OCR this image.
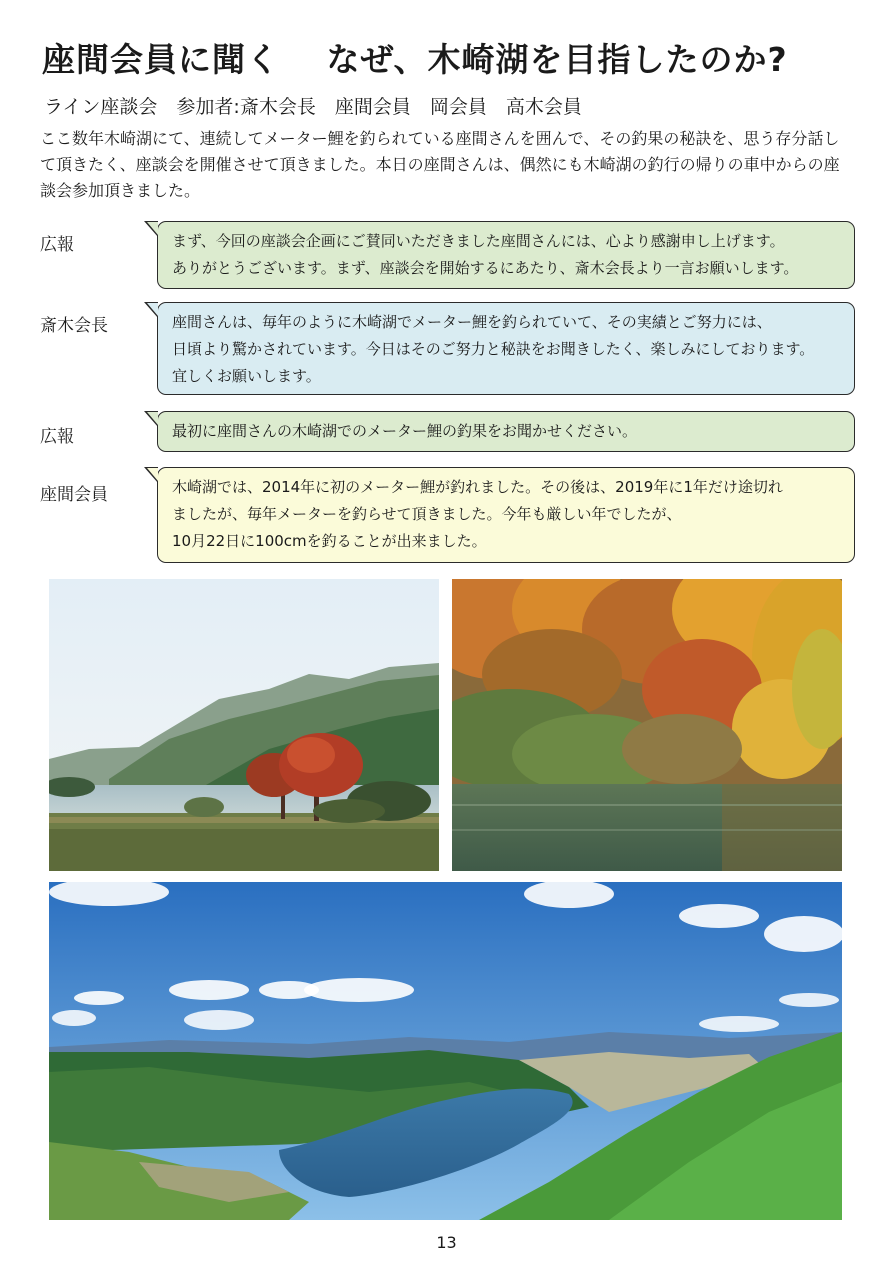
座間会員に聞く　 なぜ、木崎湖を目指したのか?
ライン座談会　参加者:斎木会長　座間会員　岡会員　高木会員
ここ数年木崎湖にて、連続してメーター鯉を釣られている座間さんを囲んで、その釣果の秘訣を、思う存分話して頂きたく、座談会を開催させて頂きました。本日の座間さんは、偶然にも木崎湖の釣行の帰りの車中からの座談会参加頂きました。
広報	まず、今回の座談会企画にご賛同いただきました座間さんには、心より感謝申し上げます。
ありがとうございます。まず、座談会を開始するにあたり、斎木会長より一言お願いします。
斎木会長	座間さんは、毎年のように木崎湖でメーター鯉を釣られていて、その実績とご努力には、
日頃より驚かされています。今日はそのご努力と秘訣をお聞きしたく、楽しみにしております。
宜しくお願いします。
広報	最初に座間さんの木崎湖でのメーター鯉の釣果をお聞かせください。
座間会員	木崎湖では、2014年に初のメーター鯉が釣れました。その後は、2019年に1年だけ途切れ
ましたが、毎年メーターを釣らせて頂きました。今年も厳しい年でしたが、
10月22日に100cmを釣ることが出来ました。
13
